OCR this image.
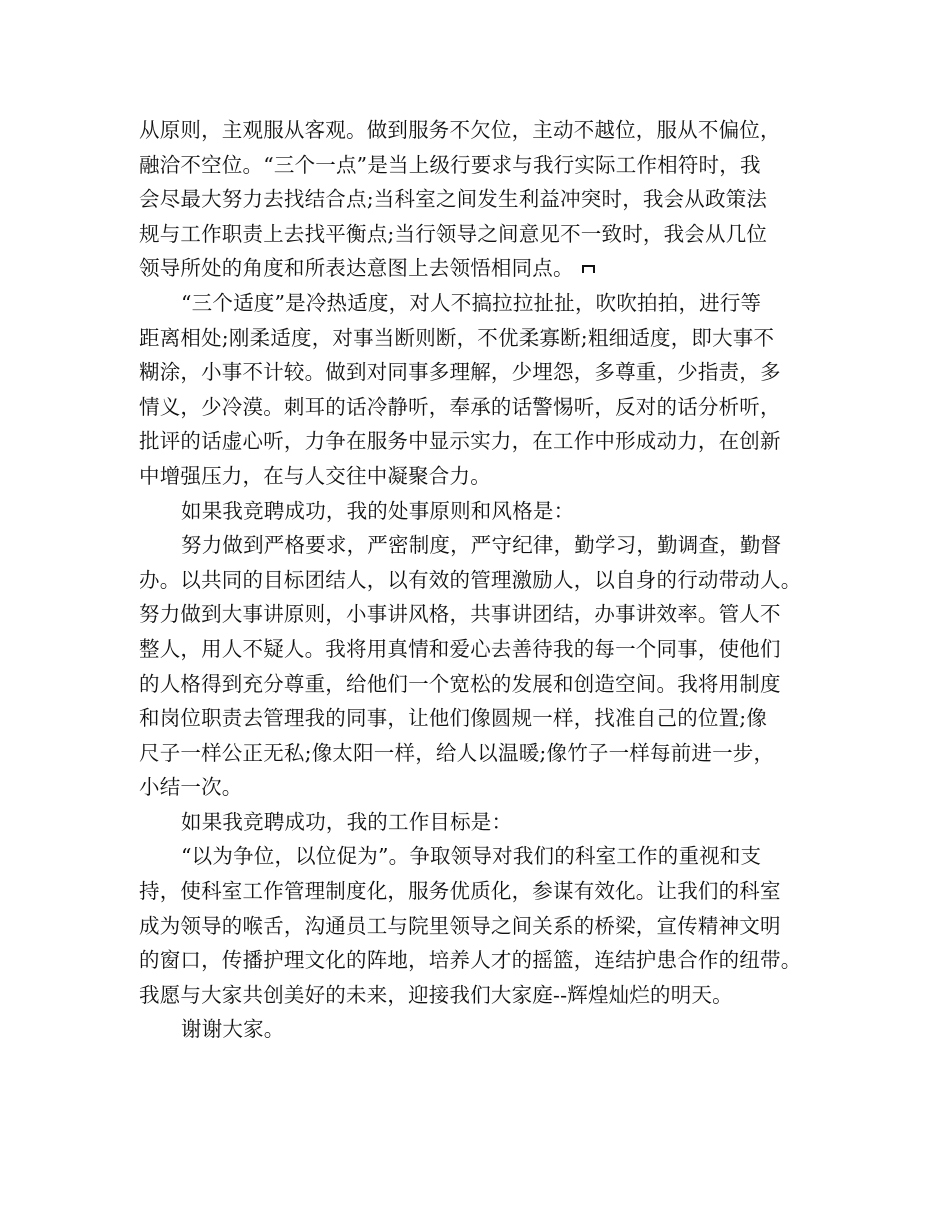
从原则，主观服从客观。做到服务不欠位，主动不越位，服从不偏位，
融洽不空位。“三个一点”是当上级行要求与我行实际工作相符时，我
会尽最大努力去找结合点;当科室之间发生利益冲突时，我会从政策法
规与工作职责上去找平衡点;当行领导之间意见不一致时，我会从几位
领导所处的角度和所表达意图上去领悟相同点。
“三个适度”是冷热适度，对人不搞拉拉扯扯，吹吹拍拍，进行等
距离相处;刚柔适度，对事当断则断，不优柔寡断;粗细适度，即大事不
糊涂，小事不计较。做到对同事多理解，少埋怨，多尊重，少指责，多
情义，少冷漠。刺耳的话冷静听，奉承的话警惕听，反对的话分析听，
批评的话虚心听，力争在服务中显示实力，在工作中形成动力，在创新
中增强压力，在与人交往中凝聚合力。
如果我竞聘成功，我的处事原则和风格是：
努力做到严格要求，严密制度，严守纪律，勤学习，勤调查，勤督
办。以共同的目标团结人，以有效的管理激励人，以自身的行动带动人。
努力做到大事讲原则，小事讲风格，共事讲团结，办事讲效率。管人不
整人，用人不疑人。我将用真情和爱心去善待我的每一个同事，使他们
的人格得到充分尊重，给他们一个宽松的发展和创造空间。我将用制度
和岗位职责去管理我的同事，让他们像圆规一样，找准自己的位置;像
尺子一样公正无私;像太阳一样，给人以温暖;像竹子一样每前进一步，
小结一次。
如果我竞聘成功，我的工作目标是：
“以为争位，以位促为”。争取领导对我们的科室工作的重视和支
持，使科室工作管理制度化，服务优质化，参谋有效化。让我们的科室
成为领导的喉舌，沟通员工与院里领导之间关系的桥梁，宣传精神文明
的窗口，传播护理文化的阵地，培养人才的摇篮，连结护患合作的纽带。
我愿与大家共创美好的未来，迎接我们大家庭--辉煌灿烂的明天。
谢谢大家。
